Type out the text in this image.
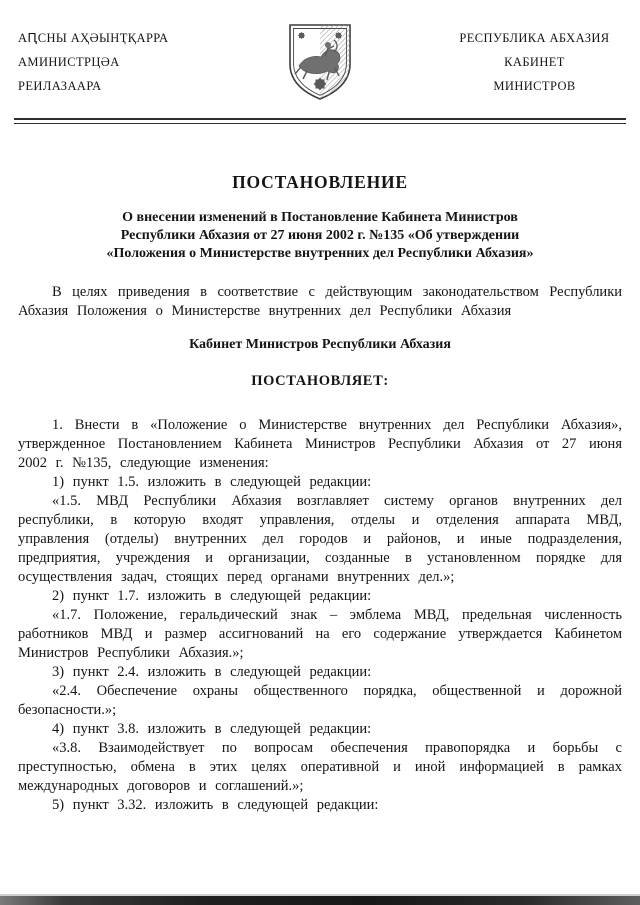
АԤСНЫ АҲӘЫНҬҚАРРА
АМИНИСТРЦӘА
РЕИЛАЗААРА
РЕСПУБЛИКА АБХАЗИЯ
КАБИНЕТ
МИНИСТРОВ
ПОСТАНОВЛЕНИЕ
О внесении изменений в Постановление Кабинета Министров
Республики Абхазия от 27 июня 2002 г. №135 «Об утверждении
«Положения о Министерстве внутренних дел Республики Абхазия»

В целях приведения в соответствие с действующим законодательством Республики Абхазия Положения о Министерстве внутренних дел Республики Абхазия

Кабинет Министров Республики Абхазия
ПОСТАНОВЛЯЕТ:

1. Внести в «Положение о Министерстве внутренних дел Республики Абхазия», утвержденное Постановлением Кабинета Министров Республики Абхазия от 27 июня 2002 г. №135, следующие изменения:

1) пункт 1.5. изложить в следующей редакции:

«1.5. МВД Республики Абхазия возглавляет систему органов внутренних дел республики, в которую входят управления, отделы и отделения аппарата МВД, управления (отделы) внутренних дел городов и районов, и иные подразделения, предприятия, учреждения и организации, созданные в установленном порядке для осуществления задач, стоящих перед органами внутренних дел.»;

2) пункт 1.7. изложить в следующей редакции:

«1.7. Положение, геральдический знак – эмблема МВД, предельная численность работников МВД и размер ассигнований на его содержание утверждается Кабинетом Министров Республики Абхазия.»;

3) пункт 2.4. изложить в следующей редакции:

«2.4. Обеспечение охраны общественного порядка, общественной и дорожной безопасности.»;

4) пункт 3.8. изложить в следующей редакции:

«3.8. Взаимодействует по вопросам обеспечения правопорядка и борьбы с преступностью, обмена в этих целях оперативной и иной информацией в рамках международных договоров и соглашений.»;

5) пункт 3.32. изложить в следующей редакции:
